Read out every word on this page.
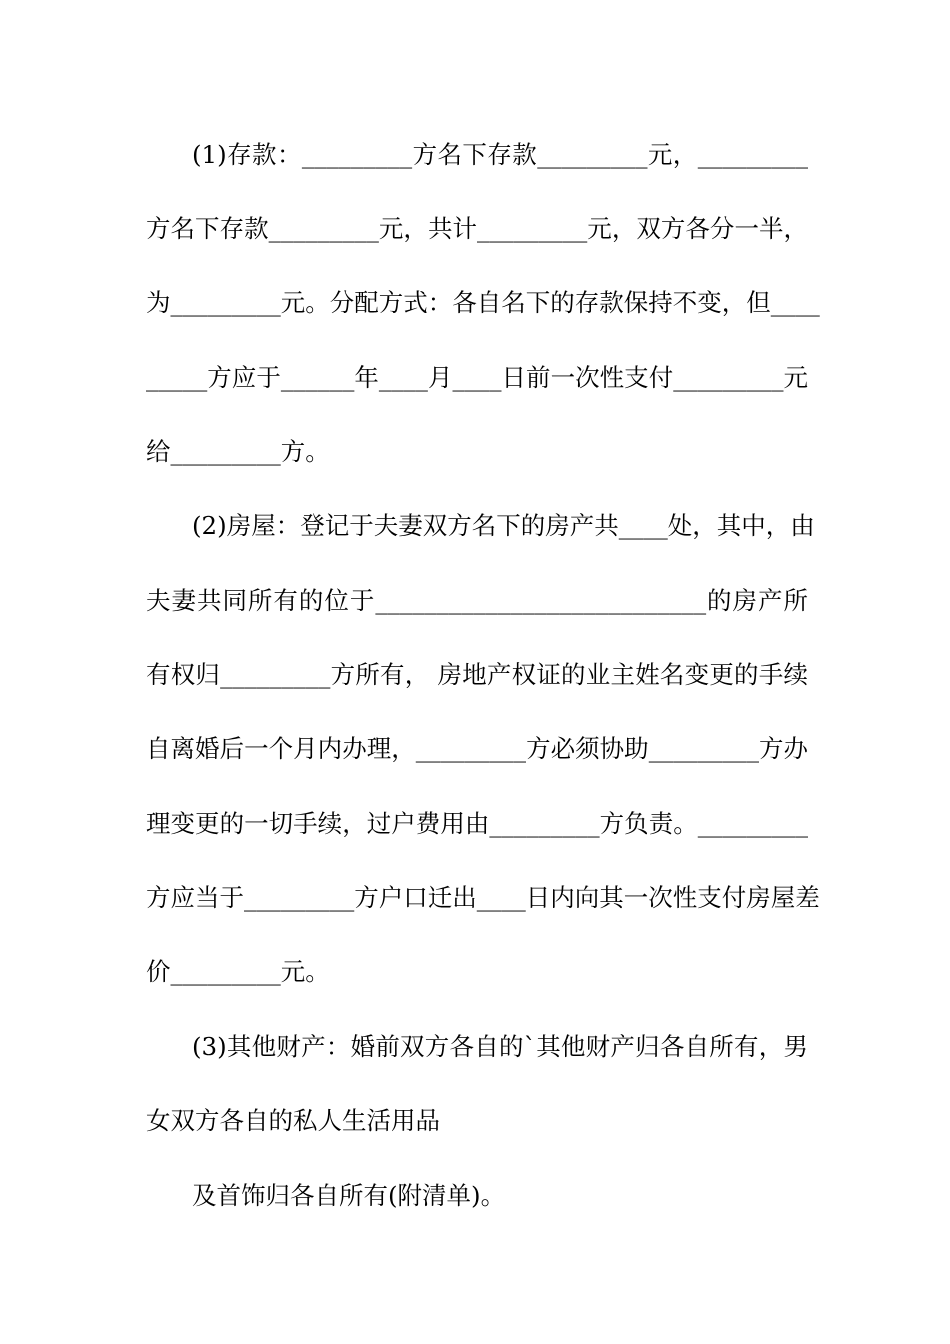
(1)存款：_________方名下存款_________元，_________
方名下存款_________元，共计_________元，双方各分一半，
为_________元。分配方式：各自名下的存款保持不变，但____
_____方应于______年____月____日前一次性支付_________元
给_________方。
(2)房屋：登记于夫妻双方名下的房产共____处，其中，由
夫妻共同所有的位于___________________________的房产所
有权归_________方所有， 房地产权证的业主姓名变更的手续
自离婚后一个月内办理，_________方必须协助_________方办
理变更的一切手续，过户费用由_________方负责。_________
方应当于_________方户口迁出____日内向其一次性支付房屋差
价_________元。
(3)其他财产：婚前双方各自的`其他财产归各自所有，男
女双方各自的私人生活用品
及首饰归各自所有(附清单)。
